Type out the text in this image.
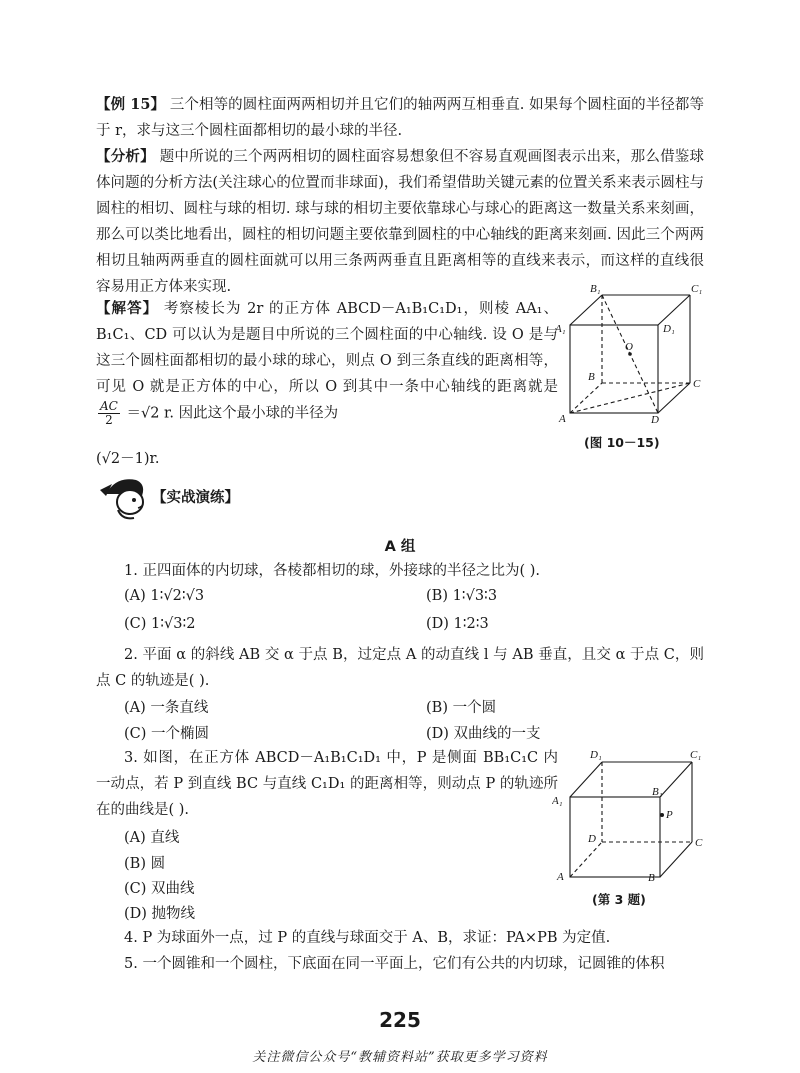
【例 15】 三个相等的圆柱面两两相切并且它们的轴两两互相垂直. 如果每个圆柱面的半径都等于 r，求与这三个圆柱面都相切的最小球的半径.
【分析】 题中所说的三个两两相切的圆柱面容易想象但不容易直观画图表示出来，那么借鉴球体问题的分析方法(关注球心的位置而非球面)，我们希望借助关键元素的位置关系来表示圆柱与圆柱的相切、圆柱与球的相切. 球与球的相切主要依靠球心与球心的距离这一数量关系来刻画，那么可以类比地看出，圆柱的相切问题主要依靠到圆柱的中心轴线的距离来刻画. 因此三个两两相切且轴两两垂直的圆柱面就可以用三条两两垂直且距离相等的直线来表示，而这样的直线很容易用正方体来实现.
【解答】 考察棱长为 2r 的正方体 ABCD－A₁B₁C₁D₁，则棱 AA₁、B₁C₁、CD 可以认为是题目中所说的三个圆柱面的中心轴线. 设 O 是与这三个圆柱面都相切的最小球的球心，则点 O 到三条直线的距离相等，可见 O 就是正方体的中心，所以 O 到其中一条中心轴线的距离就是
$\frac{AC}{2} =√2$ r. 因此这个最小球的半径为
(√2－1)r.
B₁	C₁
A₁	D₁
O
B
C
A	D
(图 10－15)
【实战演练】
A 组
1. 正四面体的内切球，各棱都相切的球，外接球的半径之比为( ).
(A) 1∶√2∶√3	(B) 1∶√3∶3
(C) 1∶√3∶2	(D) 1∶2∶3
2. 平面 α 的斜线 AB 交 α 于点 B，过定点 A 的动直线 l 与 AB 垂直，且交 α 于点 C，则点 C 的轨迹是( ).
(A) 一条直线	(B) 一个圆
(C) 一个椭圆	(D) 双曲线的一支
3. 如图，在正方体 ABCD－A₁B₁C₁D₁ 中，P 是侧面 BB₁C₁C 内一动点，若 P 到直线 BC 与直线 C₁D₁ 的距离相等，则动点 P 的轨迹所在的曲线是( ).
(A) 直线
(B) 圆
(C) 双曲线
(D) 抛物线
D₁	C₁
A₁
B₁
P
D	C
A	B
(第 3 题)
4. P 为球面外一点，过 P 的直线与球面交于 A、B，求证：PA×PB 为定值.
5. 一个圆锥和一个圆柱，下底面在同一平面上，它们有公共的内切球，记圆锥的体积
225
关注微信公众号“教辅资料站”获取更多学习资料
